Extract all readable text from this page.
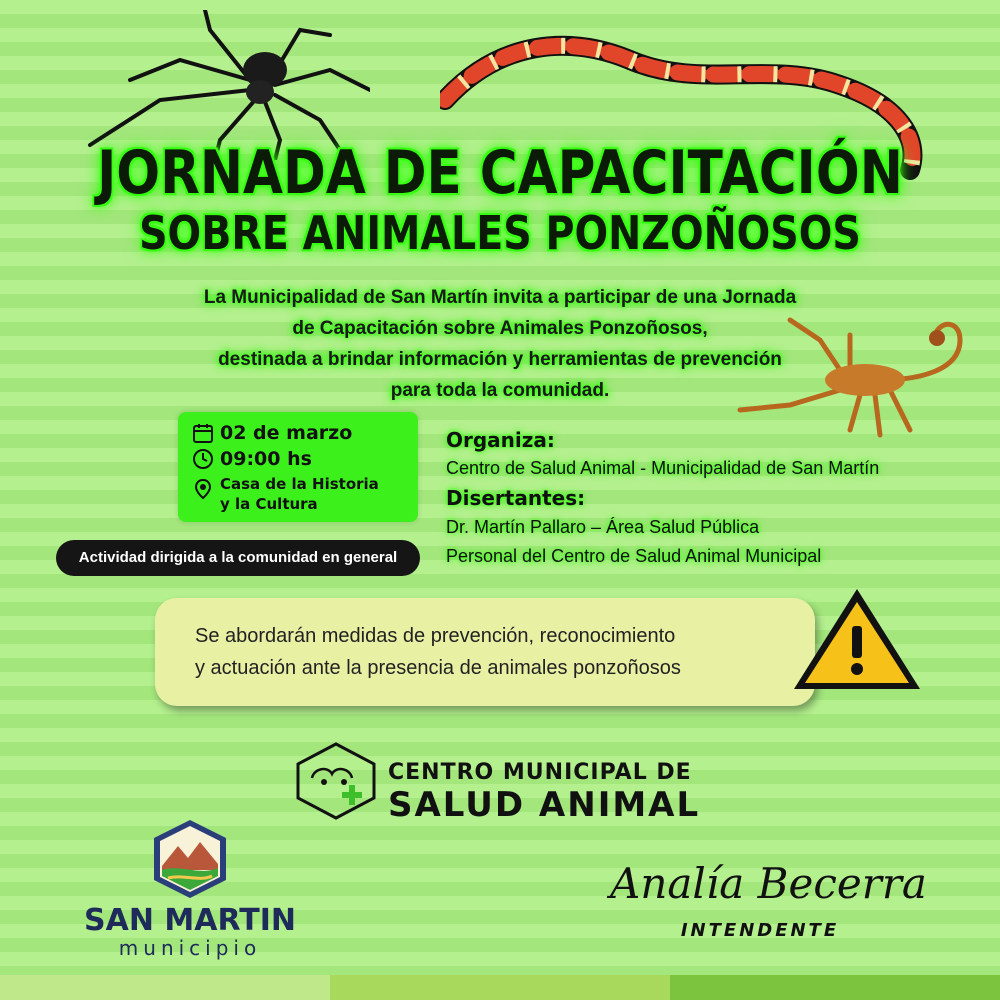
JORNADA DE CAPACITACIÓN
SOBRE ANIMALES PONZOÑOSOS
La Municipalidad de San Martín invita a participar de una Jornada
de Capacitación sobre Animales Ponzoñosos,
destinada a brindar información y herramientas de prevención
para toda la comunidad.
02 de marzo
09:00 hs
Casa de la Historia
y la Cultura
Actividad dirigida a la comunidad en general
Organiza:
Centro de Salud Animal - Municipalidad de San Martín
Disertantes:
Dr. Martín Pallaro – Área Salud Pública
Personal del Centro de Salud Animal Municipal
Se abordarán medidas de prevención, reconocimiento
y actuación ante la presencia de animales ponzoñosos
CENTRO MUNICIPAL DE
SALUD ANIMAL
SAN MARTIN
municipio
Analía Becerra
INTENDENTE
